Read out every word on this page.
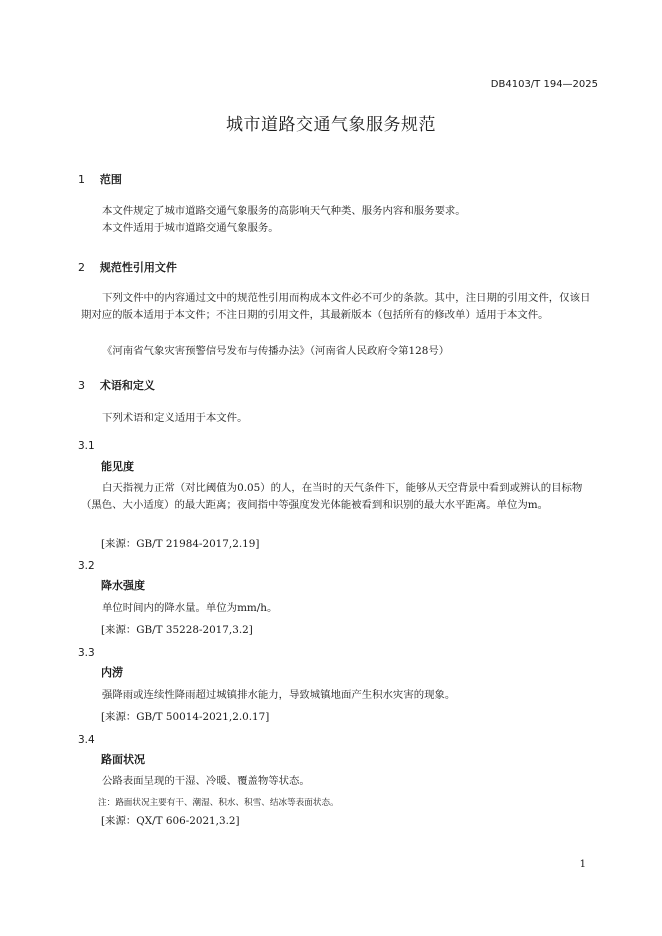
DB4103/T 194—2025
城市道路交通气象服务规范
1 范围
本文件规定了城市道路交通气象服务的高影响天气种类、服务内容和服务要求。
本文件适用于城市道路交通气象服务。
2 规范性引用文件
下列文件中的内容通过文中的规范性引用而构成本文件必不可少的条款。其中，注日期的引用文件，仅该日期对应的版本适用于本文件；不注日期的引用文件，其最新版本（包括所有的修改单）适用于本文件。
《河南省气象灾害预警信号发布与传播办法》（河南省人民政府令第128号）
3 术语和定义
下列术语和定义适用于本文件。
3.1
能见度
白天指视力正常（对比阈值为0.05）的人，在当时的天气条件下，能够从天空背景中看到或辨认的目标物（黑色、大小适度）的最大距离；夜间指中等强度发光体能被看到和识别的最大水平距离。单位为m。
[来源：GB/T 21984-2017,2.19]
3.2
降水强度
单位时间内的降水量。单位为mm/h。
[来源：GB/T 35228-2017,3.2]
3.3
内涝
强降雨或连续性降雨超过城镇排水能力，导致城镇地面产生积水灾害的现象。
[来源：GB/T 50014-2021,2.0.17]
3.4
路面状况
公路表面呈现的干湿、冷暖、覆盖物等状态。
注：路面状况主要有干、潮湿、积水、积雪、结冰等表面状态。
[来源：QX/T 606-2021,3.2]
1
